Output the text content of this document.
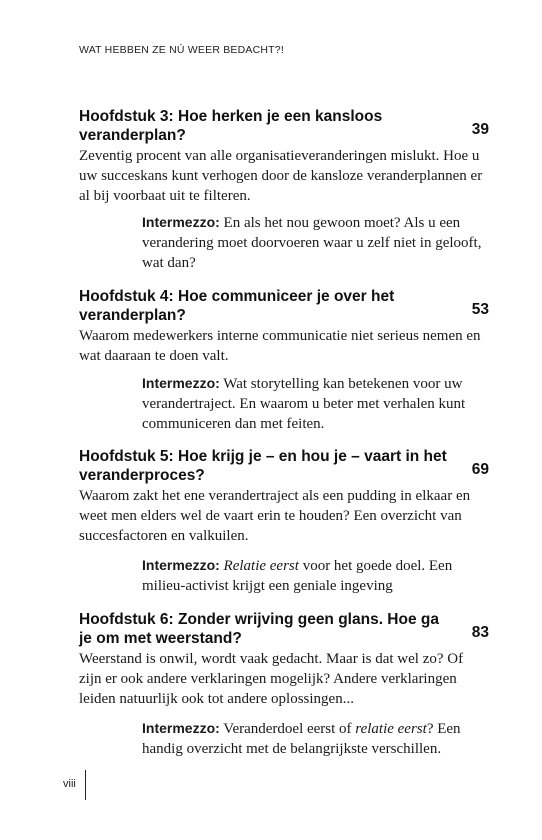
WAT HEBBEN ZE NÚ WEER BEDACHT?!
Hoofdstuk 3: Hoe herken je een kansloos veranderplan?	39
Zeventig procent van alle organisatieveranderingen mislukt. Hoe u uw succeskans kunt verhogen door de kansloze veranderplannen er al bij voorbaat uit te filteren.
Intermezzo: En als het nou gewoon moet? Als u een verandering moet doorvoeren waar u zelf niet in gelooft, wat dan?
Hoofdstuk 4: Hoe communiceer je over het veranderplan?	53
Waarom medewerkers interne communicatie niet serieus nemen en wat daaraan te doen valt.
Intermezzo: Wat storytelling kan betekenen voor uw verandertraject. En waarom u beter met verhalen kunt communiceren dan met feiten.
Hoofdstuk 5: Hoe krijg je – en hou je – vaart in het veranderproces?	69
Waarom zakt het ene verandertraject als een pudding in elkaar en weet men elders wel de vaart erin te houden? Een overzicht van succesfactoren en valkuilen.
Intermezzo: Relatie eerst voor het goede doel. Een milieu-activist krijgt een geniale ingeving
Hoofdstuk 6: Zonder wrijving geen glans. Hoe ga je om met weerstand?	83
Weerstand is onwil, wordt vaak gedacht. Maar is dat wel zo? Of zijn er ook andere verklaringen mogelijk? Andere verklaringen leiden natuurlijk ook tot andere oplossingen...
Intermezzo: Veranderdoel eerst of relatie eerst? Een handig overzicht met de belangrijkste verschillen.
viii
